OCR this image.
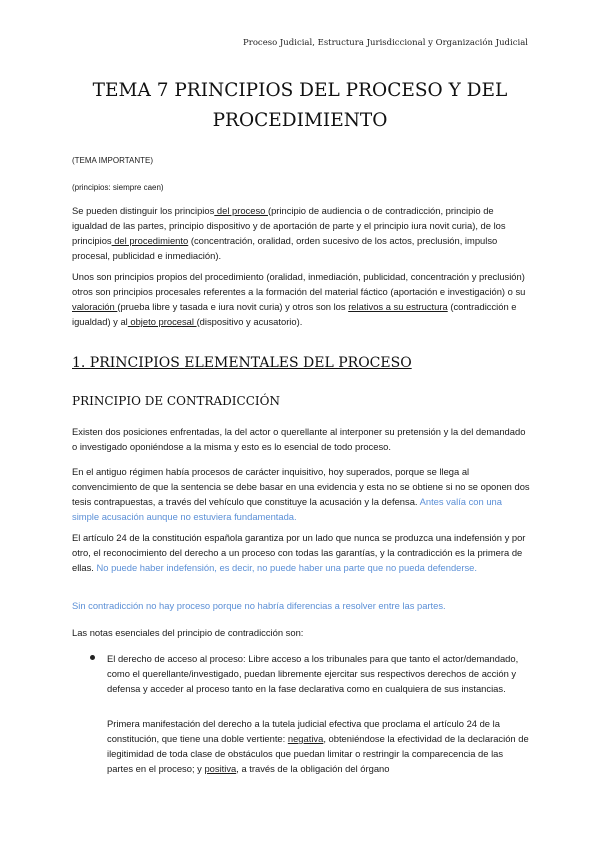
Proceso Judicial, Estructura Jurisdiccional y Organización Judicial
TEMA 7 PRINCIPIOS DEL PROCESO Y DEL
PROCEDIMIENTO

(TEMA IMPORTANTE)

(principios: siempre caen)

Se pueden distinguir los principios del proceso (principio de audiencia o de contradicción, principio de igualdad de las partes, principio dispositivo y de aportación de parte y el principio iura novit curia), de los principios del procedimiento (concentración, oralidad, orden sucesivo de los actos, preclusión, impulso procesal, publicidad e inmediación).

Unos son principios propios del procedimiento (oralidad, inmediación, publicidad, concentración y preclusión) otros son principios procesales referentes a la formación del material fáctico (aportación e investigación) o su valoración (prueba libre y tasada e iura novit curia) y otros son los relativos a su estructura (contradicción e igualdad) y al objeto procesal (dispositivo y acusatorio).

1. PRINCIPIOS ELEMENTALES DEL PROCESO
PRINCIPIO DE CONTRADICCIÓN

Existen dos posiciones enfrentadas, la del actor o querellante al interponer su pretensión y la del demandado o investigado oponiéndose a la misma y esto es lo esencial de todo proceso.

En el antiguo régimen había procesos de carácter inquisitivo, hoy superados, porque se llega al convencimiento de que la sentencia se debe basar en una evidencia y esta no se obtiene si no se oponen dos tesis contrapuestas, a través del vehículo que constituye la acusación y la defensa. Antes valía con una simple acusación aunque no estuviera fundamentada.

El artículo 24 de la constitución española garantiza por un lado que nunca se produzca una indefensión y por otro, el reconocimiento del derecho a un proceso con todas las garantías, y la contradicción es la primera de ellas. No puede haber indefensión, es decir, no puede haber una parte que no pueda defenderse.

Sin contradicción no hay proceso porque no habría diferencias a resolver entre las partes.

Las notas esenciales del principio de contradicción son:

El derecho de acceso al proceso: Libre acceso a los tribunales para que tanto el actor/demandado, como el querellante/investigado, puedan libremente ejercitar sus respectivos derechos de acción y defensa y acceder al proceso tanto en la fase declarativa como en cualquiera de sus instancias.

Primera manifestación del derecho a la tutela judicial efectiva que proclama el artículo 24 de la constitución, que tiene una doble vertiente: negativa, obteniéndose la efectividad de la declaración de ilegitimidad de toda clase de obstáculos que puedan limitar o restringir la comparecencia de las partes en el proceso; y positiva, a través de la obligación del órgano
